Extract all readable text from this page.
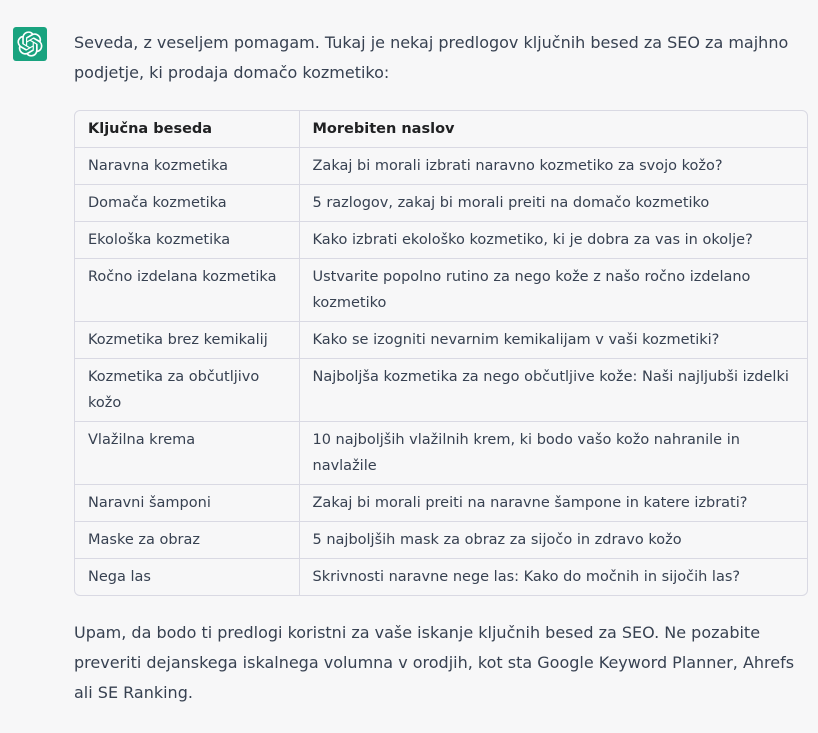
Seveda, z veseljem pomagam. Tukaj je nekaj predlogov ključnih besed za SEO za majhno podjetje, ki prodaja domačo kozmetiko:

Ključna beseda	Morebiten naslov
Naravna kozmetika	Zakaj bi morali izbrati naravno kozmetiko za svojo kožo?
Domača kozmetika	5 razlogov, zakaj bi morali preiti na domačo kozmetiko
Ekološka kozmetika	Kako izbrati ekološko kozmetiko, ki je dobra za vas in okolje?
Ročno izdelana kozmetika	Ustvarite popolno rutino za nego kože z našo ročno izdelano kozmetiko
Kozmetika brez kemikalij	Kako se izogniti nevarnim kemikalijam v vaši kozmetiki?
Kozmetika za občutljivo kožo	Najboljša kozmetika za nego občutljive kože: Naši najljubši izdelki
Vlažilna krema	10 najboljših vlažilnih krem, ki bodo vašo kožo nahranile in navlažile
Naravni šamponi	Zakaj bi morali preiti na naravne šampone in katere izbrati?
Maske za obraz	5 najboljših mask za obraz za sijočo in zdravo kožo
Nega las	Skrivnosti naravne nege las: Kako do močnih in sijočih las?

Upam, da bodo ti predlogi koristni za vaše iskanje ključnih besed za SEO. Ne pozabite preveriti dejanskega iskalnega volumna v orodjih, kot sta Google Keyword Planner, Ahrefs ali SE Ranking.
